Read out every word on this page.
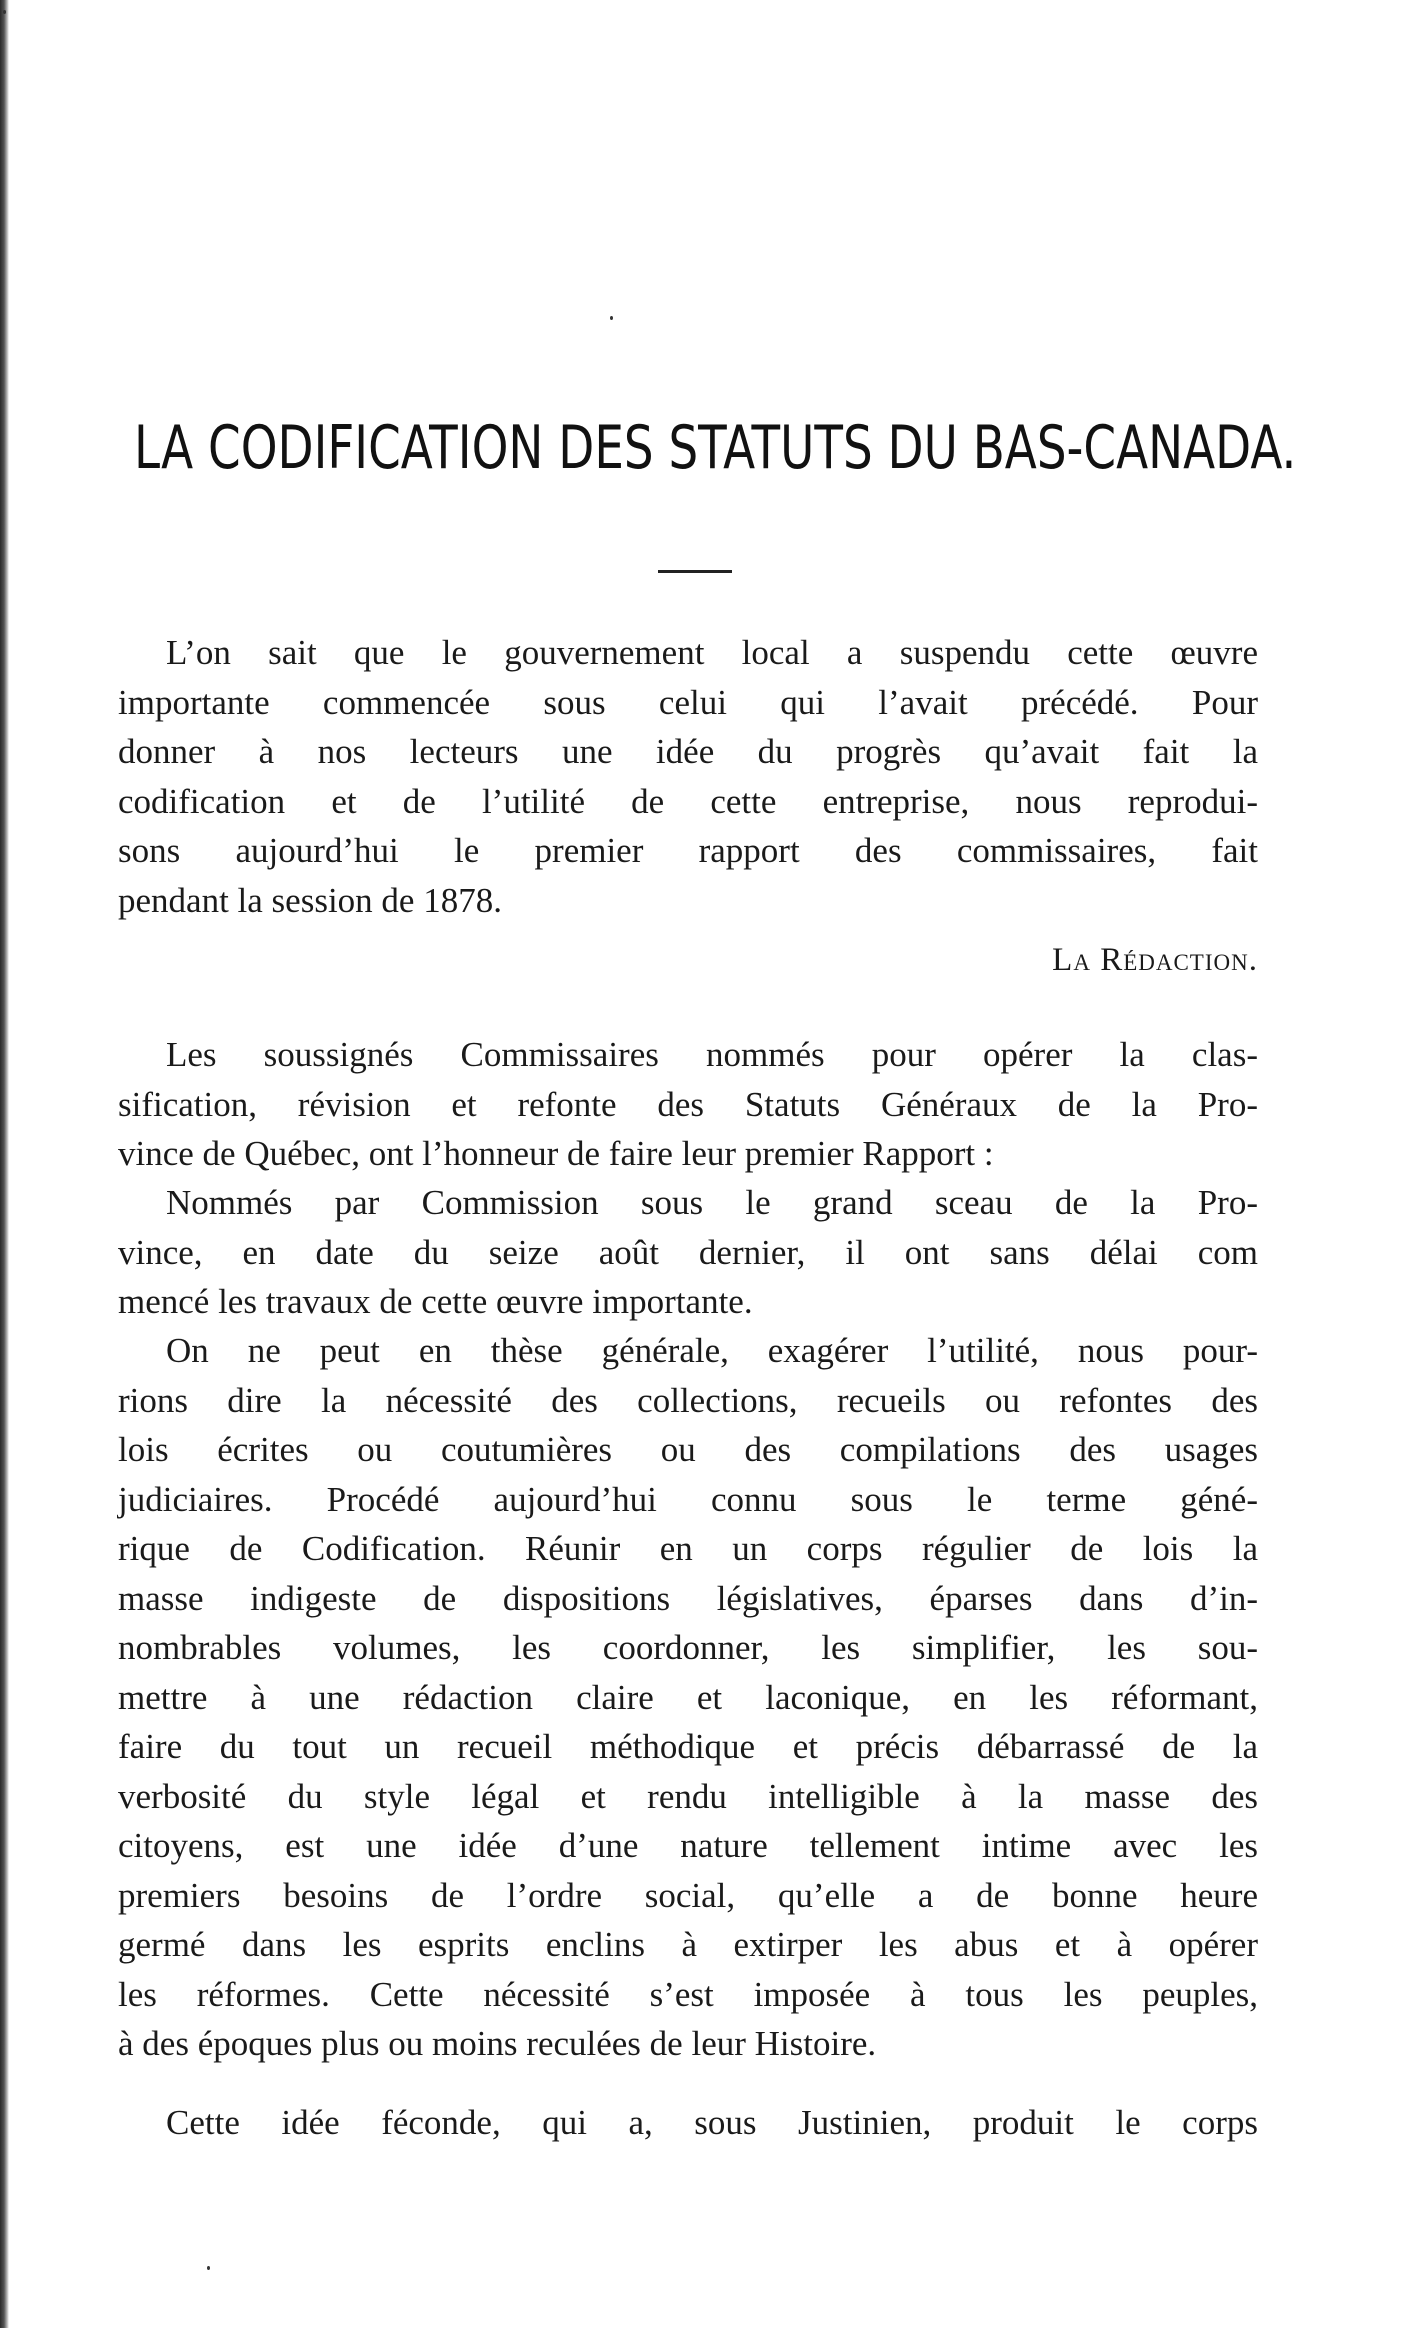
LA CODIFICATION DES STATUTS DU BAS-CANADA.
L’on sait que le gouvernement local a suspendu cette œuvre
importante commencée sous celui qui l’avait précédé. Pour
donner à nos lecteurs une idée du progrès qu’avait fait la
codification et de l’utilité de cette entreprise, nous reprodui-
sons aujourd’hui le premier rapport des commissaires, fait
pendant la session de 1878.

La Rédaction.

Les soussignés Commissaires nommés pour opérer la clas-
sification, révision et refonte des Statuts Généraux de la Pro-
vince de Québec, ont l’honneur de faire leur premier Rapport :
Nommés par Commission sous le grand sceau de la Pro-
vince, en date du seize août dernier, il ont sans délai com
mencé les travaux de cette œuvre importante.
On ne peut en thèse générale, exagérer l’utilité, nous pour-
rions dire la nécessité des collections, recueils ou refontes des
lois écrites ou coutumières ou des compilations des usages
judiciaires. Procédé aujourd’hui connu sous le terme géné-
rique de Codification. Réunir en un corps régulier de lois la
masse indigeste de dispositions législatives, éparses dans d’in-
nombrables volumes, les coordonner, les simplifier, les sou-
mettre à une rédaction claire et laconique, en les réformant,
faire du tout un recueil méthodique et précis débarrassé de la
verbosité du style légal et rendu intelligible à la masse des
citoyens, est une idée d’une nature tellement intime avec les
premiers besoins de l’ordre social, qu’elle a de bonne heure
germé dans les esprits enclins à extirper les abus et à opérer
les réformes. Cette nécessité s’est imposée à tous les peuples,
à des époques plus ou moins reculées de leur Histoire.
Cette idée féconde, qui a, sous Justinien, produit le corps
